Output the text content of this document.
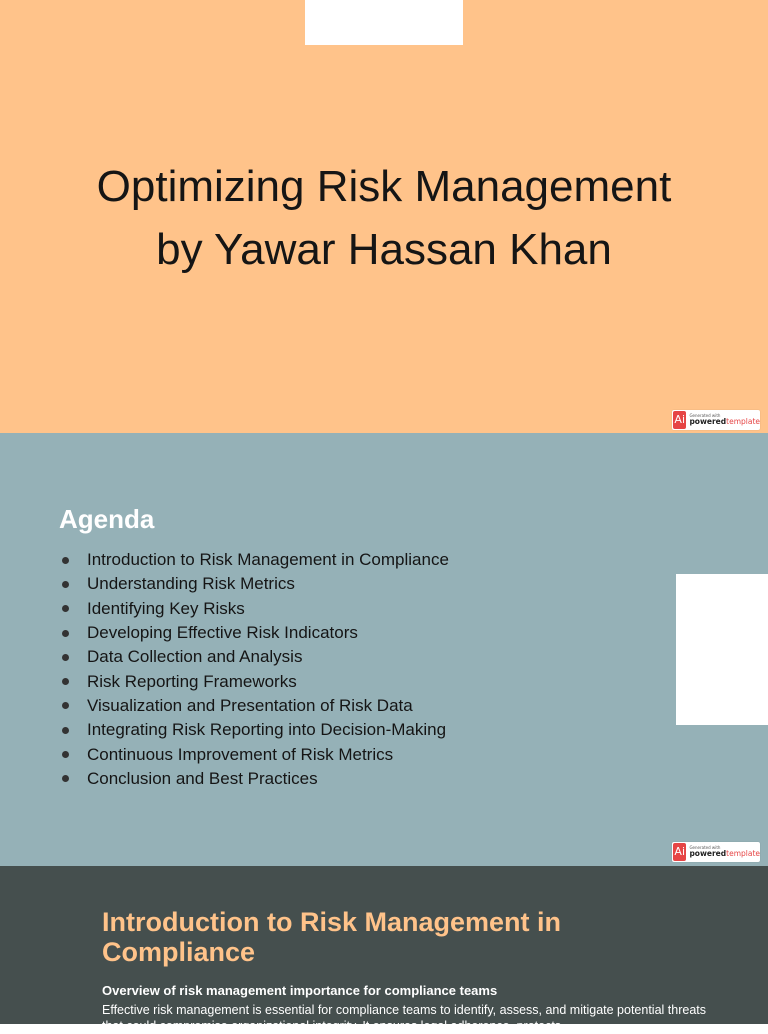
Optimizing Risk Management
by Yawar Hassan Khan
Ai	Generated with
poweredtemplate
Agenda
Introduction to Risk Management in Compliance
Understanding Risk Metrics
Identifying Key Risks
Developing Effective Risk Indicators
Data Collection and Analysis
Risk Reporting Frameworks
Visualization and Presentation of Risk Data
Integrating Risk Reporting into Decision-Making
Continuous Improvement of Risk Metrics
Conclusion and Best Practices
Ai	Generated with
poweredtemplate
Introduction to Risk Management in Compliance
Overview of risk management importance for compliance teams

Effective risk management is essential for compliance teams to identify, assess, and mitigate potential threats that could compromise organizational integrity. It ensures legal adherence, protects
